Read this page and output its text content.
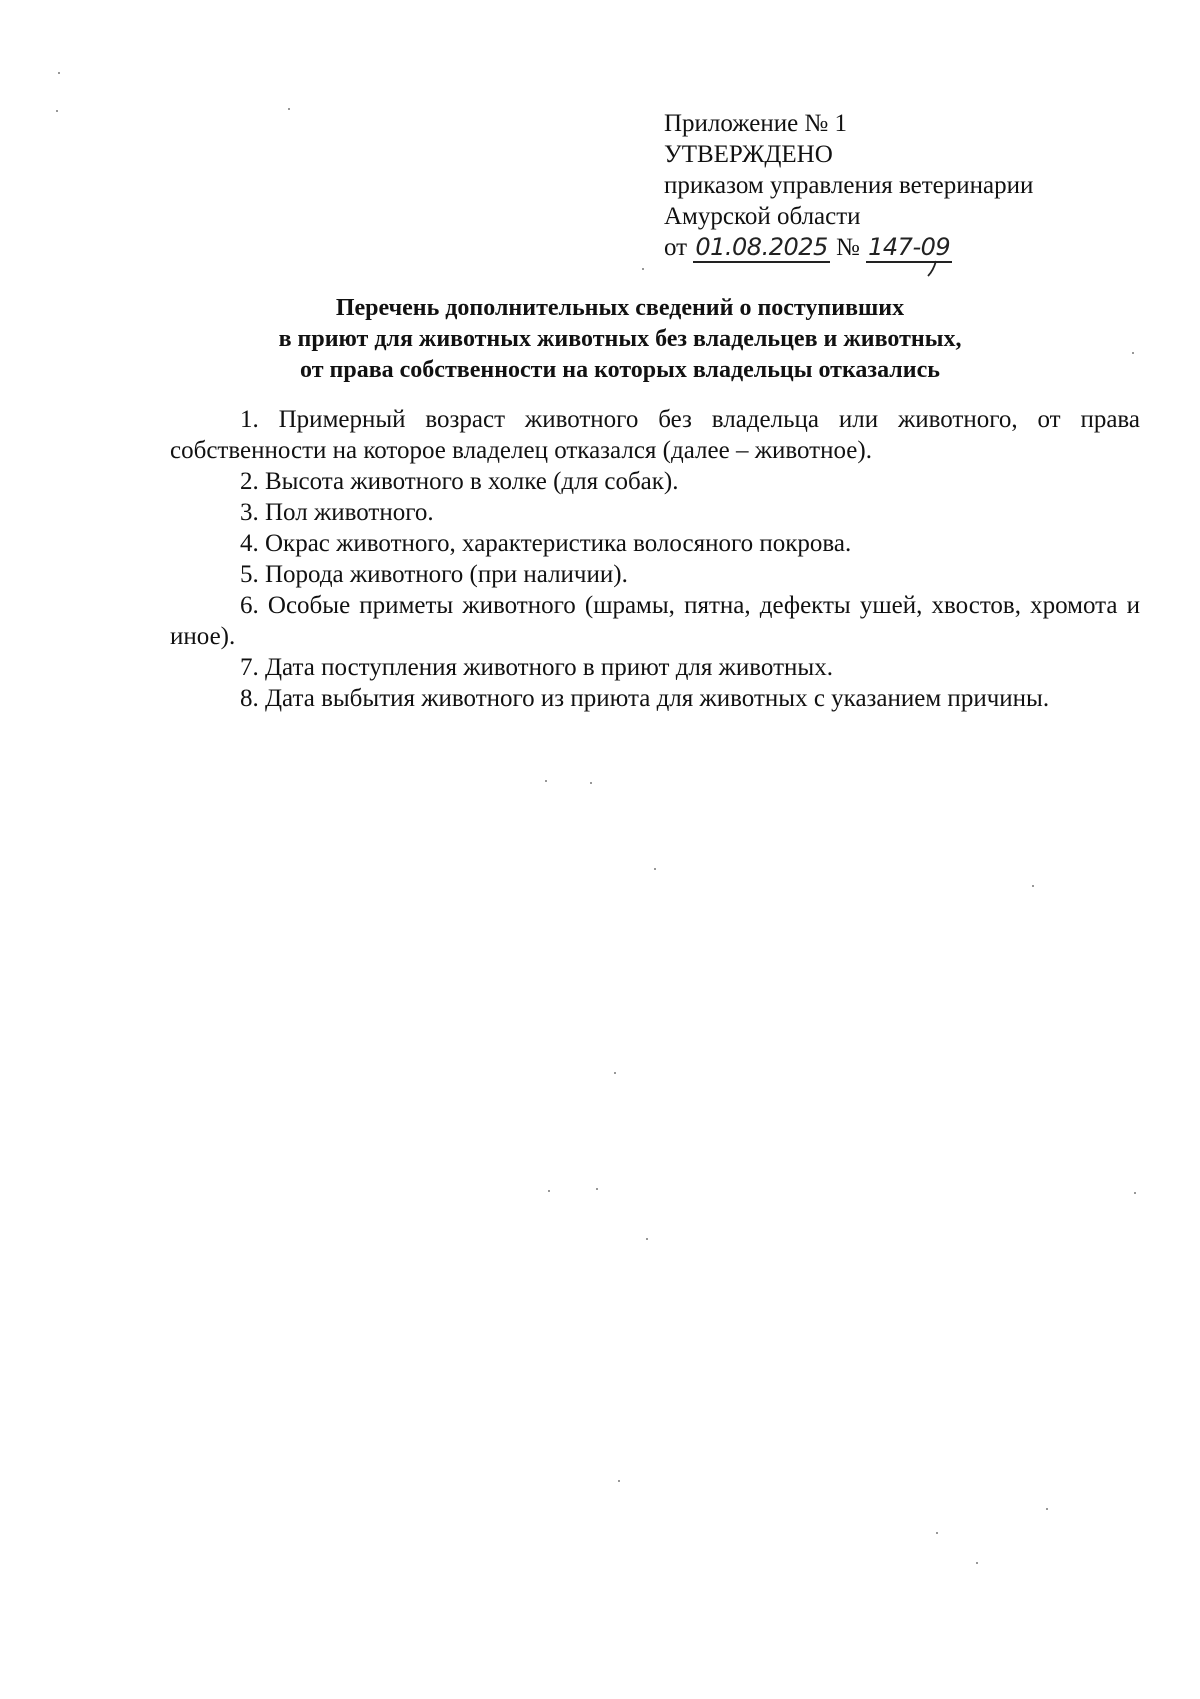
Приложение № 1
УТВЕРЖДЕНО
приказом управления ветеринарии
Амурской области
от 01.08.2025 № 147-09
Перечень дополнительных сведений о поступивших
в приют для животных животных без владельцев и животных,
от права собственности на которых владельцы отказались
1. Примерный возраст животного без владельца или животного, от права собственности на которое владелец отказался (далее – животное).
2. Высота животного в холке (для собак).
3. Пол животного.
4. Окрас животного, характеристика волосяного покрова.
5. Порода животного (при наличии).
6. Особые приметы животного (шрамы, пятна, дефекты ушей, хвостов, хромота и иное).
7. Дата поступления животного в приют для животных.
8. Дата выбытия животного из приюта для животных с указанием причины.
